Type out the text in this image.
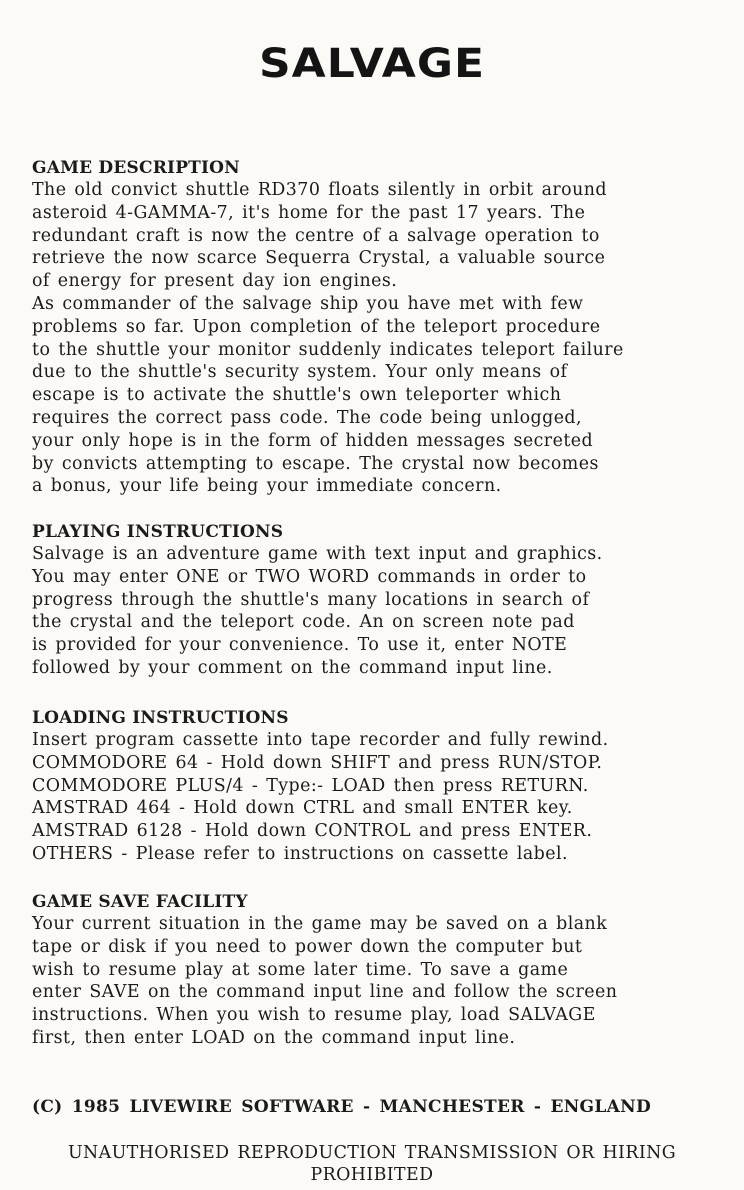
SALVAGE
GAME DESCRIPTION
The old convict shuttle RD370 floats silently in orbit around
asteroid 4-GAMMA-7, it's home for the past 17 years. The
redundant craft is now the centre of a salvage operation to
retrieve the now scarce Sequerra Crystal, a valuable source
of energy for present day ion engines.
As commander of the salvage ship you have met with few
problems so far. Upon completion of the teleport procedure
to the shuttle your monitor suddenly indicates teleport failure
due to the shuttle's security system. Your only means of
escape is to activate the shuttle's own teleporter which
requires the correct pass code. The code being unlogged,
your only hope is in the form of hidden messages secreted
by convicts attempting to escape. The crystal now becomes
a bonus, your life being your immediate concern.
PLAYING INSTRUCTIONS
Salvage is an adventure game with text input and graphics.
You may enter ONE or TWO WORD commands in order to
progress through the shuttle's many locations in search of
the crystal and the teleport code. An on screen note pad
is provided for your convenience. To use it, enter NOTE
followed by your comment on the command input line.
LOADING INSTRUCTIONS
Insert program cassette into tape recorder and fully rewind.
COMMODORE 64 - Hold down SHIFT and press RUN/STOP.
COMMODORE PLUS/4 - Type:- LOAD then press RETURN.
AMSTRAD 464 - Hold down CTRL and small ENTER key.
AMSTRAD 6128 - Hold down CONTROL and press ENTER.
OTHERS - Please refer to instructions on cassette label.
GAME SAVE FACILITY
Your current situation in the game may be saved on a blank
tape or disk if you need to power down the computer but
wish to resume play at some later time. To save a game
enter SAVE on the command input line and follow the screen
instructions. When you wish to resume play, load SALVAGE
first, then enter LOAD on the command input line.
(C) 1985 LIVEWIRE SOFTWARE - MANCHESTER - ENGLAND
UNAUTHORISED REPRODUCTION TRANSMISSION OR HIRING
PROHIBITED
